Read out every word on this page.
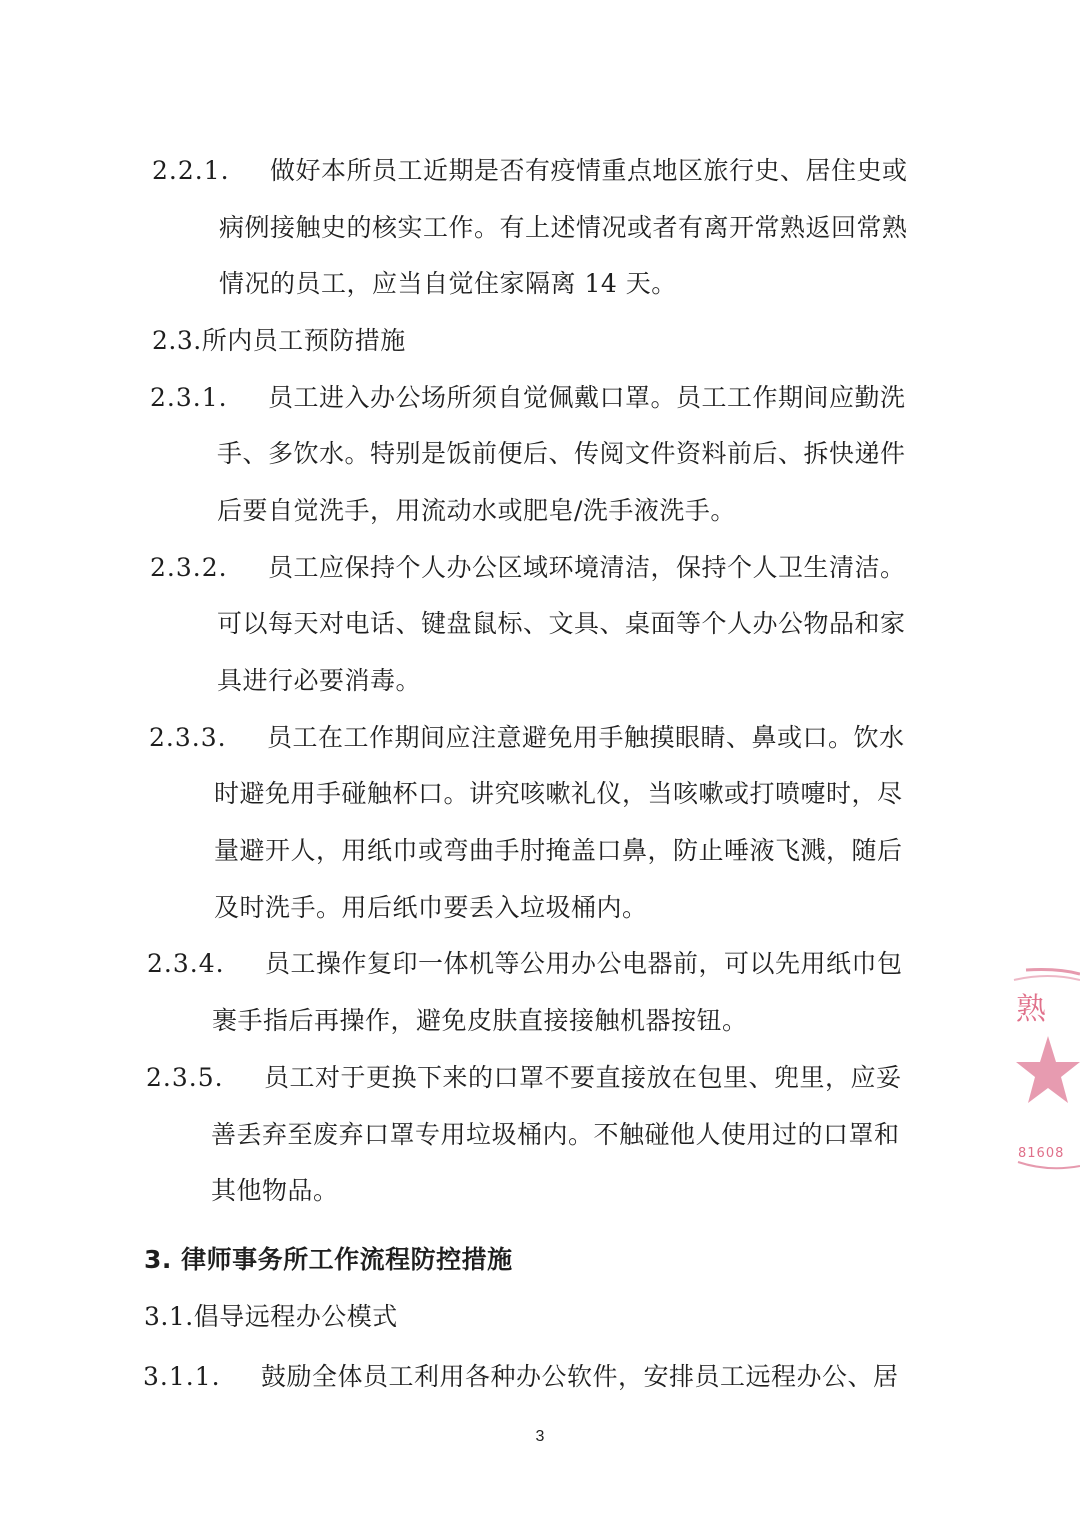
2.2.1. 做好本所员工近期是否有疫情重点地区旅行史、居住史或
病例接触史的核实工作。有上述情况或者有离开常熟返回常熟
情况的员工，应当自觉住家隔离 14 天。
2.3.所内员工预防措施
2.3.1. 员工进入办公场所须自觉佩戴口罩。员工工作期间应勤洗
手、多饮水。特别是饭前便后、传阅文件资料前后、拆快递件
后要自觉洗手，用流动水或肥皂/洗手液洗手。
2.3.2. 员工应保持个人办公区域环境清洁，保持个人卫生清洁。
可以每天对电话、键盘鼠标、文具、桌面等个人办公物品和家
具进行必要消毒。
2.3.3. 员工在工作期间应注意避免用手触摸眼睛、鼻或口。饮水
时避免用手碰触杯口。讲究咳嗽礼仪，当咳嗽或打喷嚏时，尽
量避开人，用纸巾或弯曲手肘掩盖口鼻，防止唾液飞溅，随后
及时洗手。用后纸巾要丢入垃圾桶内。
2.3.4. 员工操作复印一体机等公用办公电器前，可以先用纸巾包
裹手指后再操作，避免皮肤直接接触机器按钮。
2.3.5. 员工对于更换下来的口罩不要直接放在包里、兜里，应妥
善丢弃至废弃口罩专用垃圾桶内。不触碰他人使用过的口罩和
其他物品。
3. 律师事务所工作流程防控措施
3.1.倡导远程办公模式
3.1.1. 鼓励全体员工利用各种办公软件，安排员工远程办公、居
3
熟
81608
